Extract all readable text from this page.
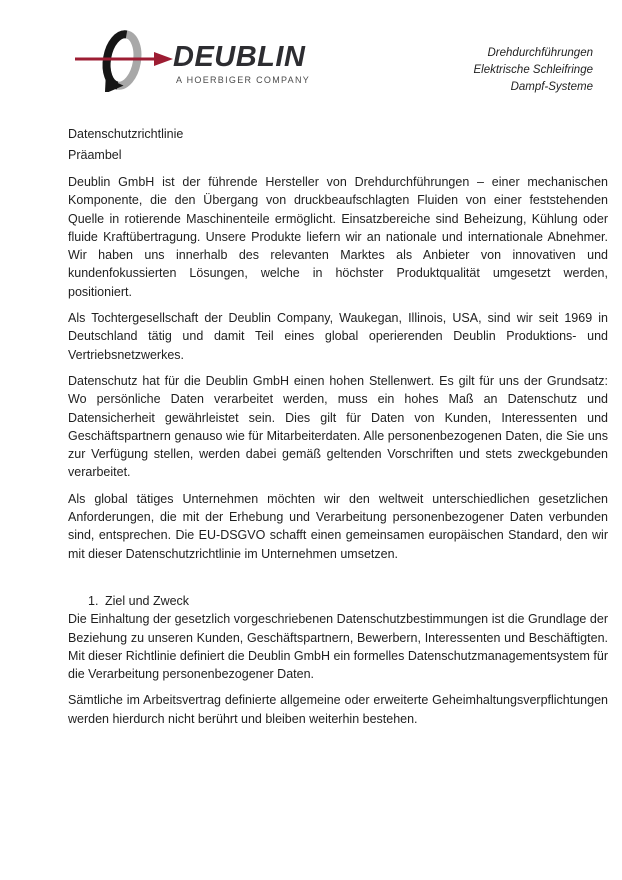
DEUBLIN
A HOERBIGER COMPANY
Drehdurchführungen
Elektrische Schleifringe
Dampf-Systeme
Datenschutzrichtlinie
Präambel

Deublin GmbH ist der führende Hersteller von Drehdurchführungen – einer mechanischen Komponente, die den Übergang von druckbeaufschlagten Fluiden von einer feststehenden Quelle in rotierende Maschinenteile ermöglicht. Einsatzbereiche sind Beheizung, Kühlung oder fluide Kraftübertragung. Unsere Produkte liefern wir an nationale und internationale Abnehmer. Wir haben uns innerhalb des relevanten Marktes als Anbieter von innovativen und kundenfokussierten Lösungen, welche in höchster Produktqualität umgesetzt werden, positioniert.

Als Tochtergesellschaft der Deublin Company, Waukegan, Illinois, USA, sind wir seit 1969 in Deutschland tätig und damit Teil eines global operierenden Deublin Produktions- und Vertriebsnetzwerkes.

Datenschutz hat für die Deublin GmbH einen hohen Stellenwert. Es gilt für uns der Grundsatz: Wo persönliche Daten verarbeitet werden, muss ein hohes Maß an Datenschutz und Datensicherheit gewährleistet sein. Dies gilt für Daten von Kunden, Interessenten und Geschäftspartnern genauso wie für Mitarbeiterdaten. Alle personenbezogenen Daten, die Sie uns zur Verfügung stellen, werden dabei gemäß geltenden Vorschriften und stets zweckgebunden verarbeitet.

Als global tätiges Unternehmen möchten wir den weltweit unterschiedlichen gesetzlichen Anforderungen, die mit der Erhebung und Verarbeitung personenbezogener Daten verbunden sind, entsprechen. Die EU-DSGVO schafft einen gemeinsamen europäischen Standard, den wir mit dieser Datenschutzrichtlinie im Unternehmen umsetzen.

1. Ziel und Zweck

Die Einhaltung der gesetzlich vorgeschriebenen Datenschutzbestimmungen ist die Grundlage der Beziehung zu unseren Kunden, Geschäftspartnern, Bewerbern, Interessenten und Beschäftigten. Mit dieser Richtlinie definiert die Deublin GmbH ein formelles Datenschutzmanagementsystem für die Verarbeitung personenbezogener Daten.

Sämtliche im Arbeitsvertrag definierte allgemeine oder erweiterte Geheimhaltungsverpflichtungen werden hierdurch nicht berührt und bleiben weiterhin bestehen.
